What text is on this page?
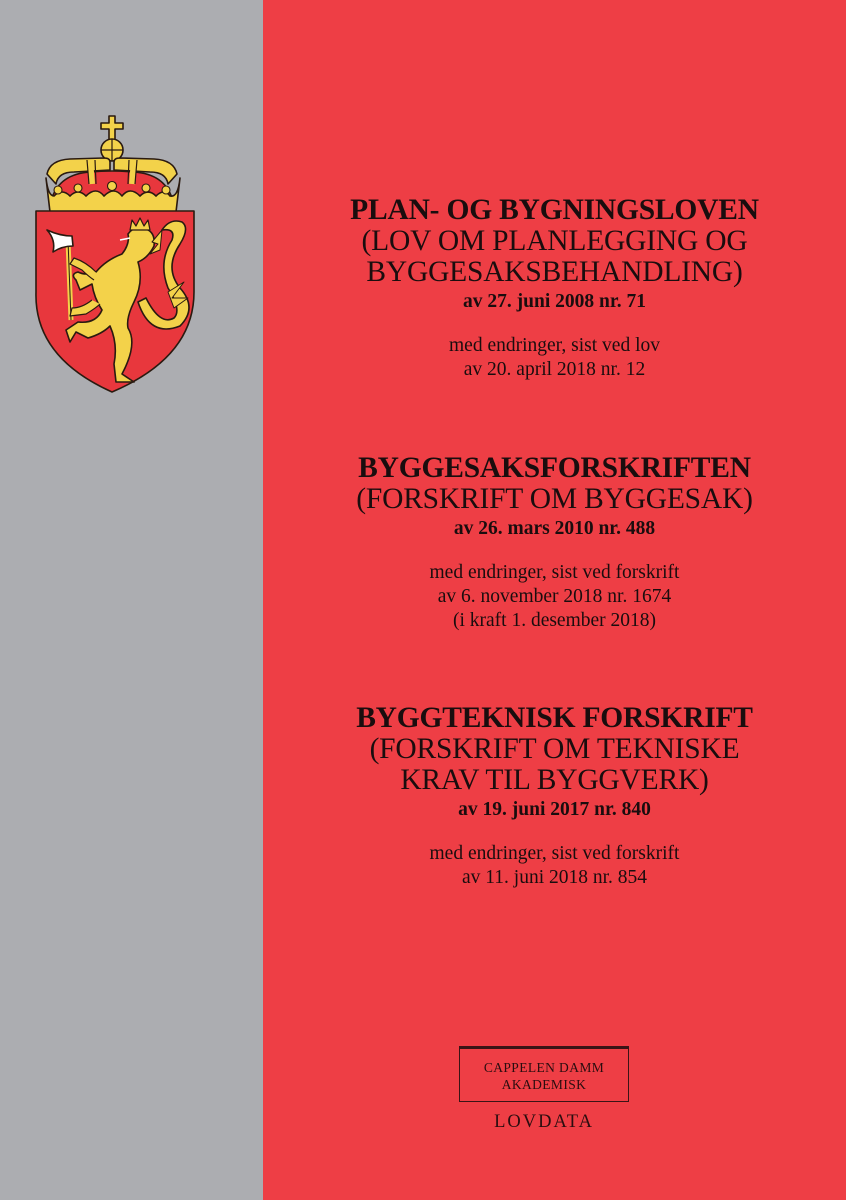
PLAN- OG BYGNINGSLOVEN
(LOV OM PLANLEGGING OG
BYGGESAKSBEHANDLING)
av 27. juni 2008 nr. 71
med endringer, sist ved lov
av 20. april 2018 nr. 12
BYGGESAKSFORSKRIFTEN
(FORSKRIFT OM BYGGESAK)
av 26. mars 2010 nr. 488
med endringer, sist ved forskrift
av 6. november 2018 nr. 1674
(i kraft 1. desember 2018)
BYGGTEKNISK FORSKRIFT
(FORSKRIFT OM TEKNISKE
KRAV TIL BYGGVERK)
av 19. juni 2017 nr. 840
med endringer, sist ved forskrift
av 11. juni 2018 nr. 854
CAPPELEN DAMM
AKADEMISK
LOVDATA
